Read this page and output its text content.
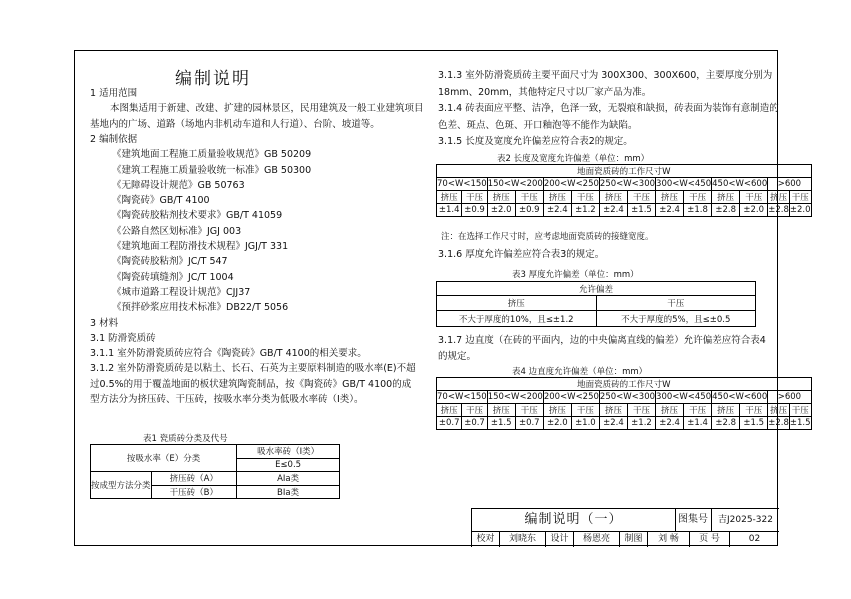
编制说明
1 适用范围
本图集适用于新建、改建、扩建的园林景区，民用建筑及一般工业建筑项目
基地内的广场、道路（场地内非机动车道和人行道）、台阶、坡道等。
2 编制依据
《建筑地面工程施工质量验收规范》GB 50209
《建筑工程施工质量验收统一标准》GB 50300
《无障碍设计规范》GB 50763
《陶瓷砖》GB/T 4100
《陶瓷砖胶粘剂技术要求》GB/T 41059
《公路自然区划标准》JGJ 003
《建筑地面工程防滑技术规程》JGJ/T 331
《陶瓷砖胶粘剂》JC/T 547
《陶瓷砖填缝剂》JC/T 1004
《城市道路工程设计规范》CJJ37
《预拌砂浆应用技术标准》DB22/T 5056
3 材料
3.1 防滑瓷质砖
3.1.1 室外防滑瓷质砖应符合《陶瓷砖》GB/T 4100的相关要求。
3.1.2 室外防滑瓷质砖是以粘土、长石、石英为主要原料制造的吸水率(E)不超
过0.5%的用于覆盖地面的板状建筑陶瓷制品，按《陶瓷砖》GB/T 4100的成
型方法分为挤压砖、干压砖，按吸水率分类为低吸水率砖（Ⅰ类）。
表1 瓷质砖分类及代号
按吸水率（E）分类		吸水率砖（Ⅰ类）
		E≤0.5
按成型方法分类	挤压砖（A）	AⅠa类
	干压砖（B）	BⅠa类
3.1.3 室外防滑瓷质砖主要平面尺寸为 300X300、300X600，主要厚度分别为
18mm、20mm，其他特定尺寸以厂家产品为准。
3.1.4 砖表面应平整、洁净，色泽一致，无裂痕和缺损，砖表面为装饰有意制造的
色差、斑点、色斑、开口釉泡等不能作为缺陷。
3.1.5 长度及宽度允许偏差应符合表2的规定。
表2 长度及宽度允许偏差（单位：mm）
地面瓷质砖的工作尺寸W													
70<W<150		150<W<200		200<W<250		250<W<300		300<W<450		450<W<600		>600	
挤压	干压	挤压	干压	挤压	干压	挤压	干压	挤压	干压	挤压	干压	挤压	干压
±1.4	±0.9	±2.0	±0.9	±2.4	±1.2	±2.4	±1.5	±2.4	±1.8	±2.8	±2.0	±2.8	±2.0
注：在选择工作尺寸时，应考虑地面瓷质砖的接缝宽度。
3.1.6 厚度允许偏差应符合表3的规定。
表3 厚度允许偏差（单位：mm）
允许偏差	
挤压	干压
不大于厚度的10%，且≤±1.2	不大于厚度的5%，且≤±0.5
3.1.7 边直度（在砖的平面内，边的中央偏离直线的偏差）允许偏差应符合表4
的规定。
表4 边直度允许偏差（单位：mm）
地面瓷质砖的工作尺寸W													
70<W<150		150<W<200		200<W<250		250<W<300		300<W<450		450<W<600		>600	
挤压	干压	挤压	干压	挤压	干压	挤压	干压	挤压	干压	挤压	干压	挤压	干压
±0.7	±0.7	±1.5	±0.7	±2.0	±1.0	±2.4	±1.2	±2.4	±1.4	±2.8	±1.5	±2.8	±1.5
编制说明（一）	图集号	吉J2025-322
校对	刘晓东	设计	杨恩亮	制图	刘 畅	页 号	02
